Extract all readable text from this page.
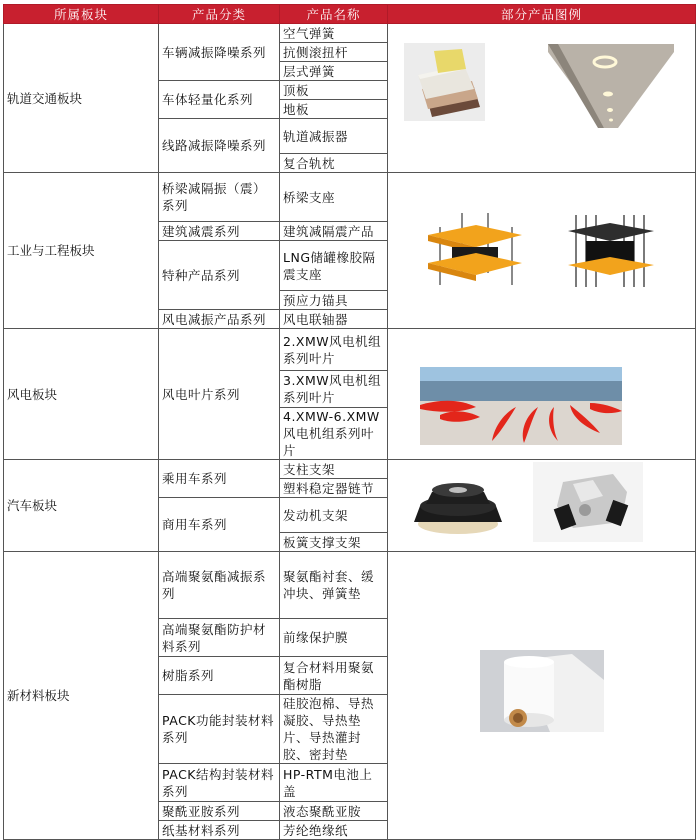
所属板块	产品分类	产品名称	部分产品图例
轨道交通板块	车辆减振降噪系列	空气弹簧	

		抗侧滚扭杆	
		层式弹簧	
	车体轻量化系列	顶板	
		地板	
	线路减振降噪系列	轨道减振器	
		复合轨枕	
工业与工程板块	桥梁减隔振（震）系列	桥梁支座	

	建筑减震系列	建筑减隔震产品	
	特种产品系列	LNG储罐橡胶隔震支座	
		预应力锚具	
	风电减振产品系列	风电联轴器	
风电板块	风电叶片系列	2.XMW风电机组系列叶片	

		3.XMW风电机组系列叶片	
		4.XMW-6.XMW风电机组系列叶片	
汽车板块	乘用车系列	支柱支架	

		塑料稳定器链节	
	商用车系列	发动机支架	
		板簧支撑支架	
新材料板块	高端聚氨酯减振系列	聚氨酯衬套、缓冲块、弹簧垫	

	高端聚氨酯防护材料系列	前缘保护膜	
	树脂系列	复合材料用聚氨酯树脂	
	PACK功能封装材料系列	硅胶泡棉、导热凝胶、导热垫片、导热灌封胶、密封垫	
	PACK结构封装材料系列	HP-RTM电池上盖	
	聚酰亚胺系列	液态聚酰亚胺	
	纸基材料系列	芳纶绝缘纸	
